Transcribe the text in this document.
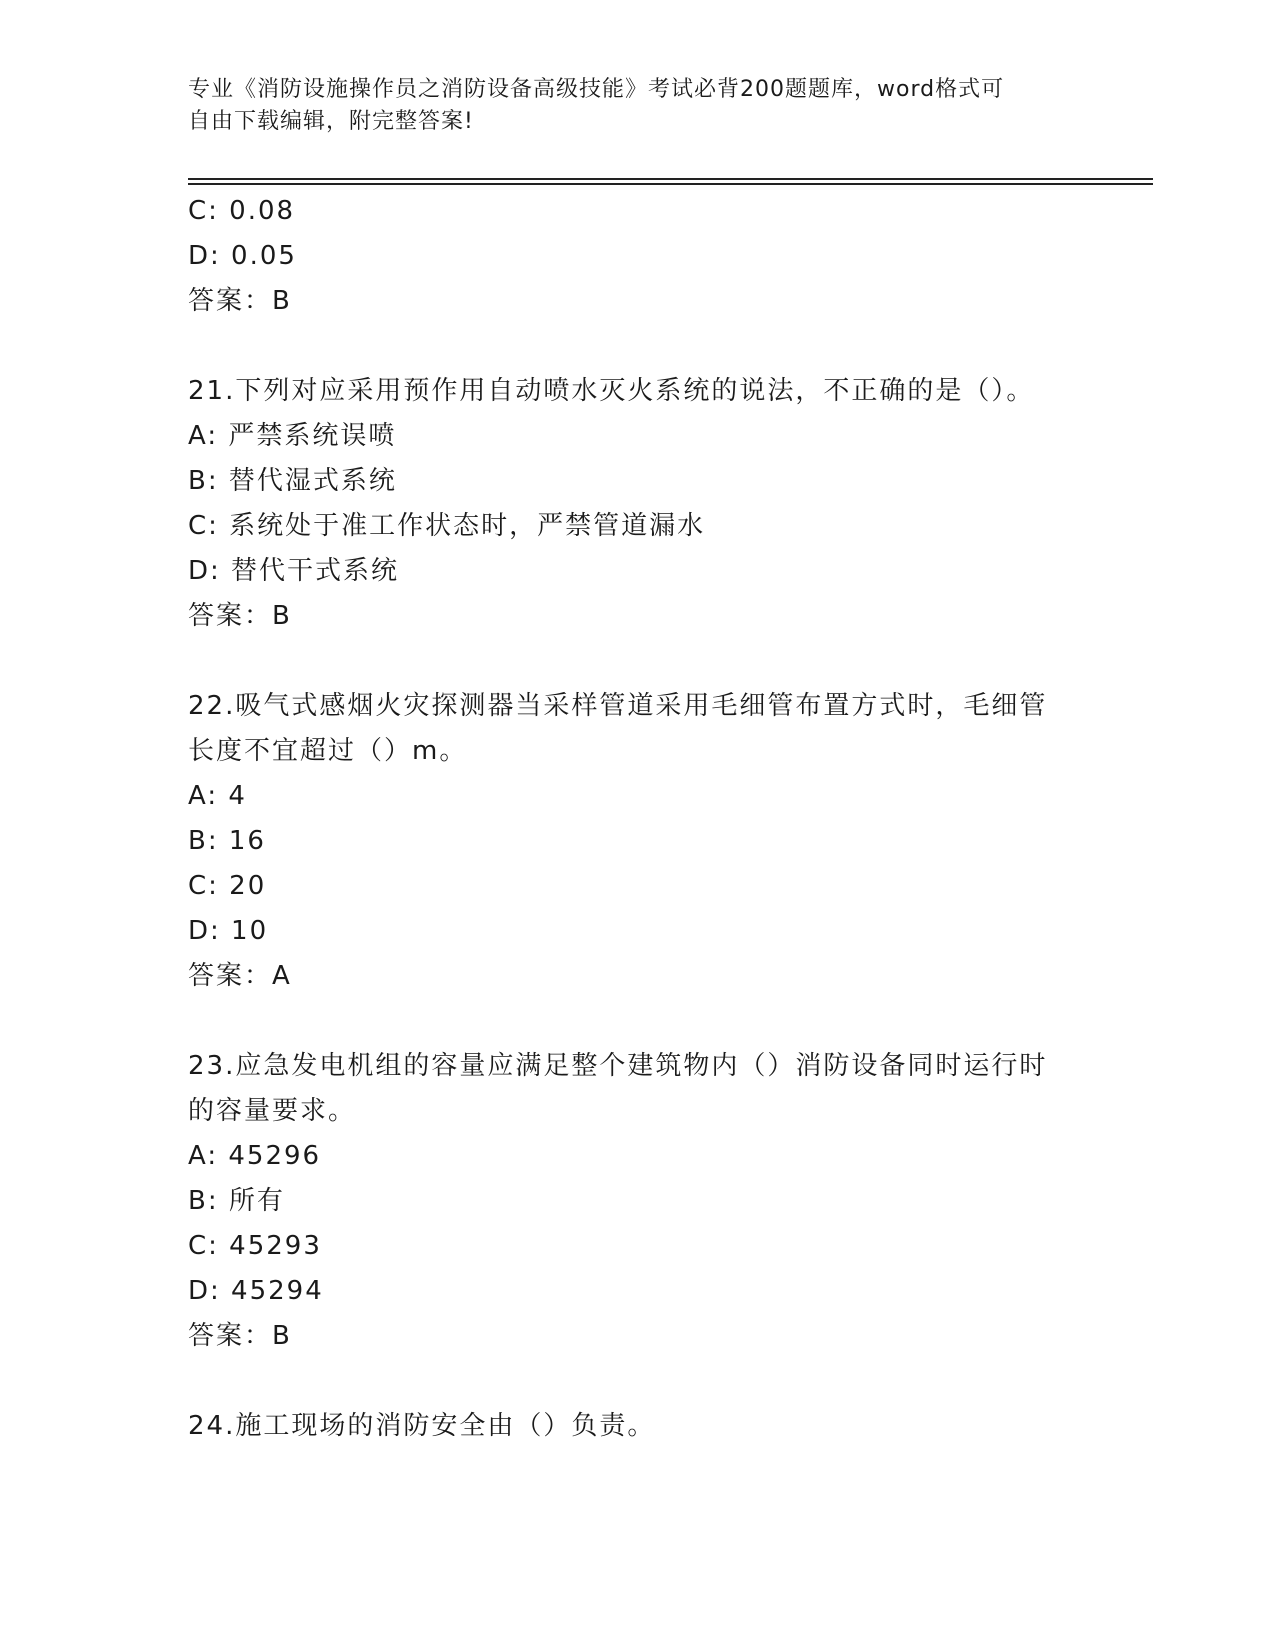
专业《消防设施操作员之消防设备高级技能》考试必背200题题库，word格式可
自由下载编辑，附完整答案!
C: 0.08
D: 0.05
答案：B
21.下列对应采用预作用自动喷水灭火系统的说法，不正确的是（）。
A: 严禁系统误喷
B: 替代湿式系统
C: 系统处于准工作状态时，严禁管道漏水
D: 替代干式系统
答案：B
22.吸气式感烟火灾探测器当采样管道采用毛细管布置方式时，毛细管
长度不宜超过（）m。
A: 4
B: 16
C: 20
D: 10
答案：A
23.应急发电机组的容量应满足整个建筑物内（）消防设备同时运行时
的容量要求。
A: 45296
B: 所有
C: 45293
D: 45294
答案：B
24.施工现场的消防安全由（）负责。
